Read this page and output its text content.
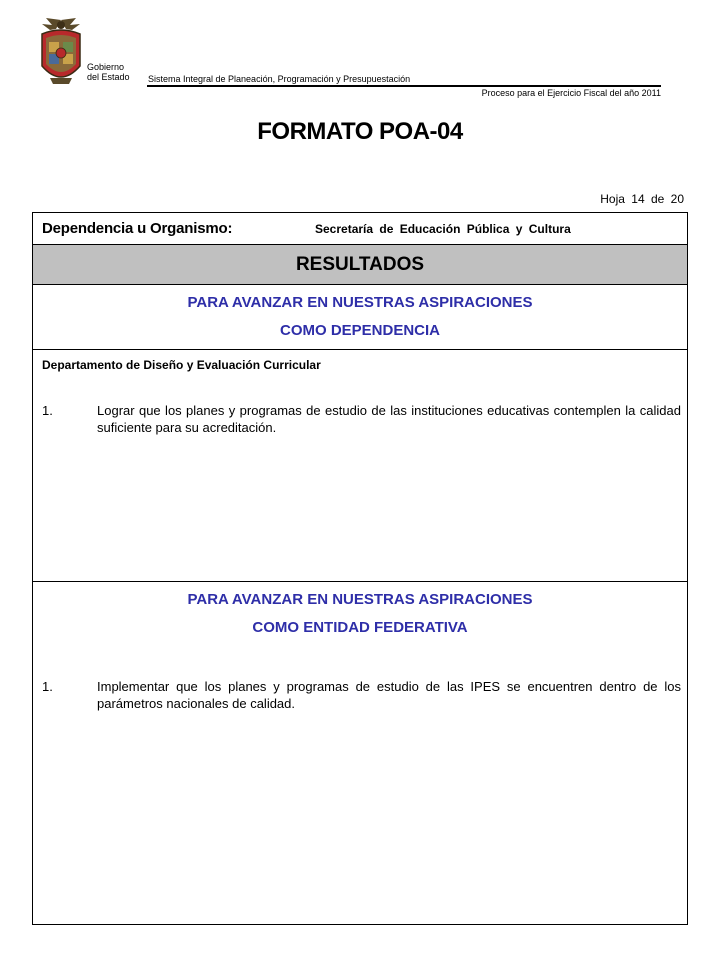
Gobierno
del Estado Sistema Integral de Planeación, Programación y Presupuestación
Proceso para el Ejercicio Fiscal del año 2011
FORMATO POA-04
Hoja 14 de 20
Dependencia u Organismo:	Secretaría de Educación Pública y Cultura
RESULTADOS
PARA AVANZAR EN NUESTRAS ASPIRACIONES
COMO DEPENDENCIA
Departamento de Diseño y Evaluación Curricular
1.	Lograr que los planes y programas de estudio de las instituciones educativas contemplen la calidad suficiente para su acreditación.
PARA AVANZAR EN NUESTRAS ASPIRACIONES
COMO ENTIDAD FEDERATIVA
1.	Implementar que los planes y programas de estudio de las IPES se encuentren dentro de los parámetros nacionales de calidad.
